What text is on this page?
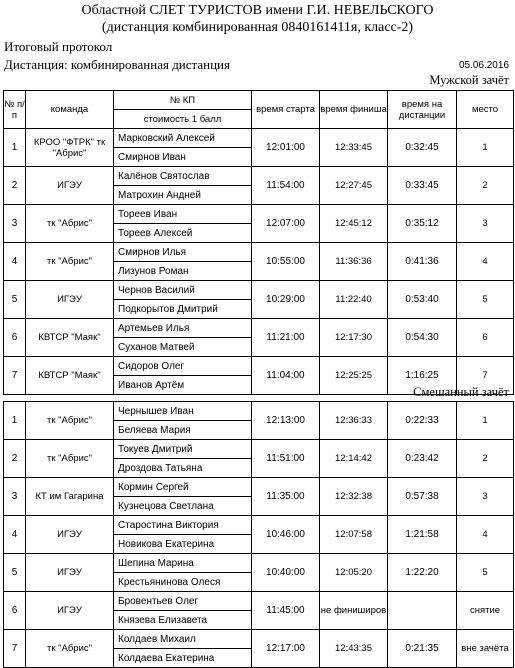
Областной СЛЕТ ТУРИСТОВ имени Г.И. НЕВЕЛЬСКОГО
(дистанция комбинированная 0840161411я, класс-2)
Итоговый протокол
Дистанция: комбинированная дистанция	05.06.2016
Мужской зачёт
№ п/п	команда	№ КП	время старта	время финиша	время на дистанции	место
		стоимость 1 балл				
1	КРОО "ФТРК" тк "Абрис"	Марковский Алексей	12:01:00	12:33:45	0:32:45	1
		Смирнов Иван				
2	ИГЭУ	Калёнов Святослав	11:54:00	12:27:45	0:33:45	2
		Матрохин Андней				
3	тк "Абрис"	Тореев Иван	12:07:00	12:45:12	0:35:12	3
		Тореев Алексей				
4	тк "Абрис"	Смирнов Илья	10:55:00	11:36:36	0:41:36	4
		Лизунов Роман				
5	ИГЭУ	Чернов Василий	10:29:00	11:22:40	0:53:40	5
		Подкорытов Дмитрий				
6	КВТСР "Маяк"	Артемьев Илья	11:21:00	12:17:30	0:54:30	6
		Суханов Матвей				
7	КВТСР "Маяк"	Сидоров Олег	11:04:00	12:25:25	1:16:25	7
		Иванов Артём					Смешанный зачёт
1	тк "Абрис"	Чернышев Иван	12:13:00	12:36:33	0:22:33	1
		Беляева Мария				
2	тк "Абрис"	Токуев Дмитрий	11:51:00	12:14:42	0:23:42	2
		Дроздова Татьяна				
3	КТ им Гагарина	Кормин Сергей	11:35:00	12:32:38	0:57:38	3
		Кузнецова Светлана				
4	ИГЭУ	Старостина Виктория	10:46:00	12:07:58	1:21:58	4
		Новикова Екатерина				
5	ИГЭУ	Шепина Марина	10:40:00	12:05:20	1:22:20	5
		Крестьянинова Олеся				
6	ИГЭУ	Бровентьев Олег	11:45:00	не финиширов		снятие
		Князева Елизавета				
7	тк "Абрис"	Колдаев Михаил	12:17:00	12:43:35	0:21:35	вне зачёта
		Колдаева Екатерина				
